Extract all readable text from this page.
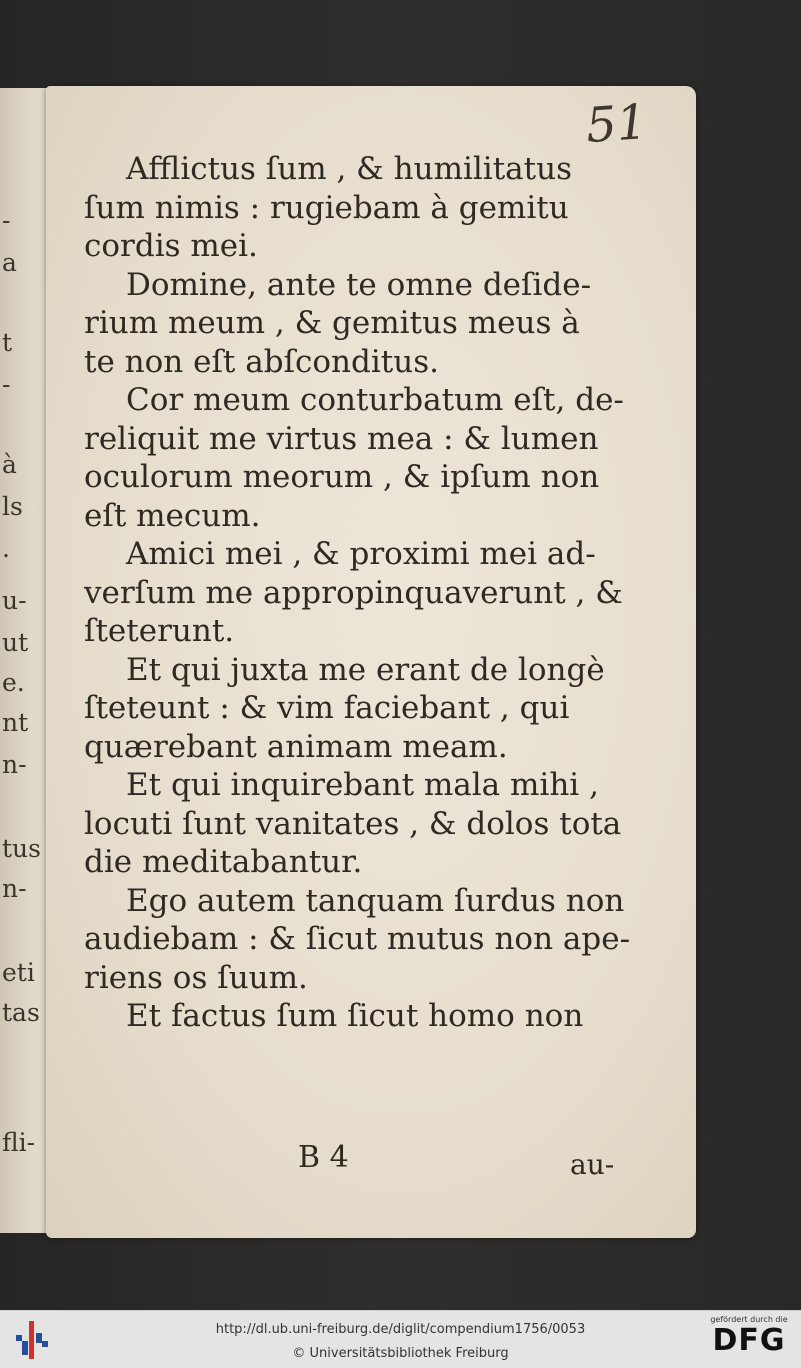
-
a
t
-
à
ls
.
u-
ut
e.
nt
n-
tus
n-
eti
tas
fli-
51
Afflictus ſum , & humilitatus
ſum nimis : rugiebam à gemitu
cordis mei.
Domine, ante te omne deſide-
rium meum , & gemitus meus à
te non eſt abſconditus.
Cor meum conturbatum eſt, de-
reliquit me virtus mea : & lumen
oculorum meorum , & ipſum non
eſt mecum.
Amici mei , & proximi mei ad-
verſum me appropinquaverunt , &
ſteterunt.
Et qui juxta me erant de longè
ſteteunt : & vim faciebant , qui
quærebant animam meam.
Et qui inquirebant mala mihi ,
locuti ſunt vanitates , & dolos tota
die meditabantur.
Ego autem tanquam ſurdus non
audiebam : & ſicut mutus non ape-
riens os ſuum.
Et factus ſum ſicut homo non
B 4	au-
http://dl.ub.uni-freiburg.de/diglit/compendium1756/0053
© Universitätsbibliothek Freiburg
gefördert durch die
DFG
